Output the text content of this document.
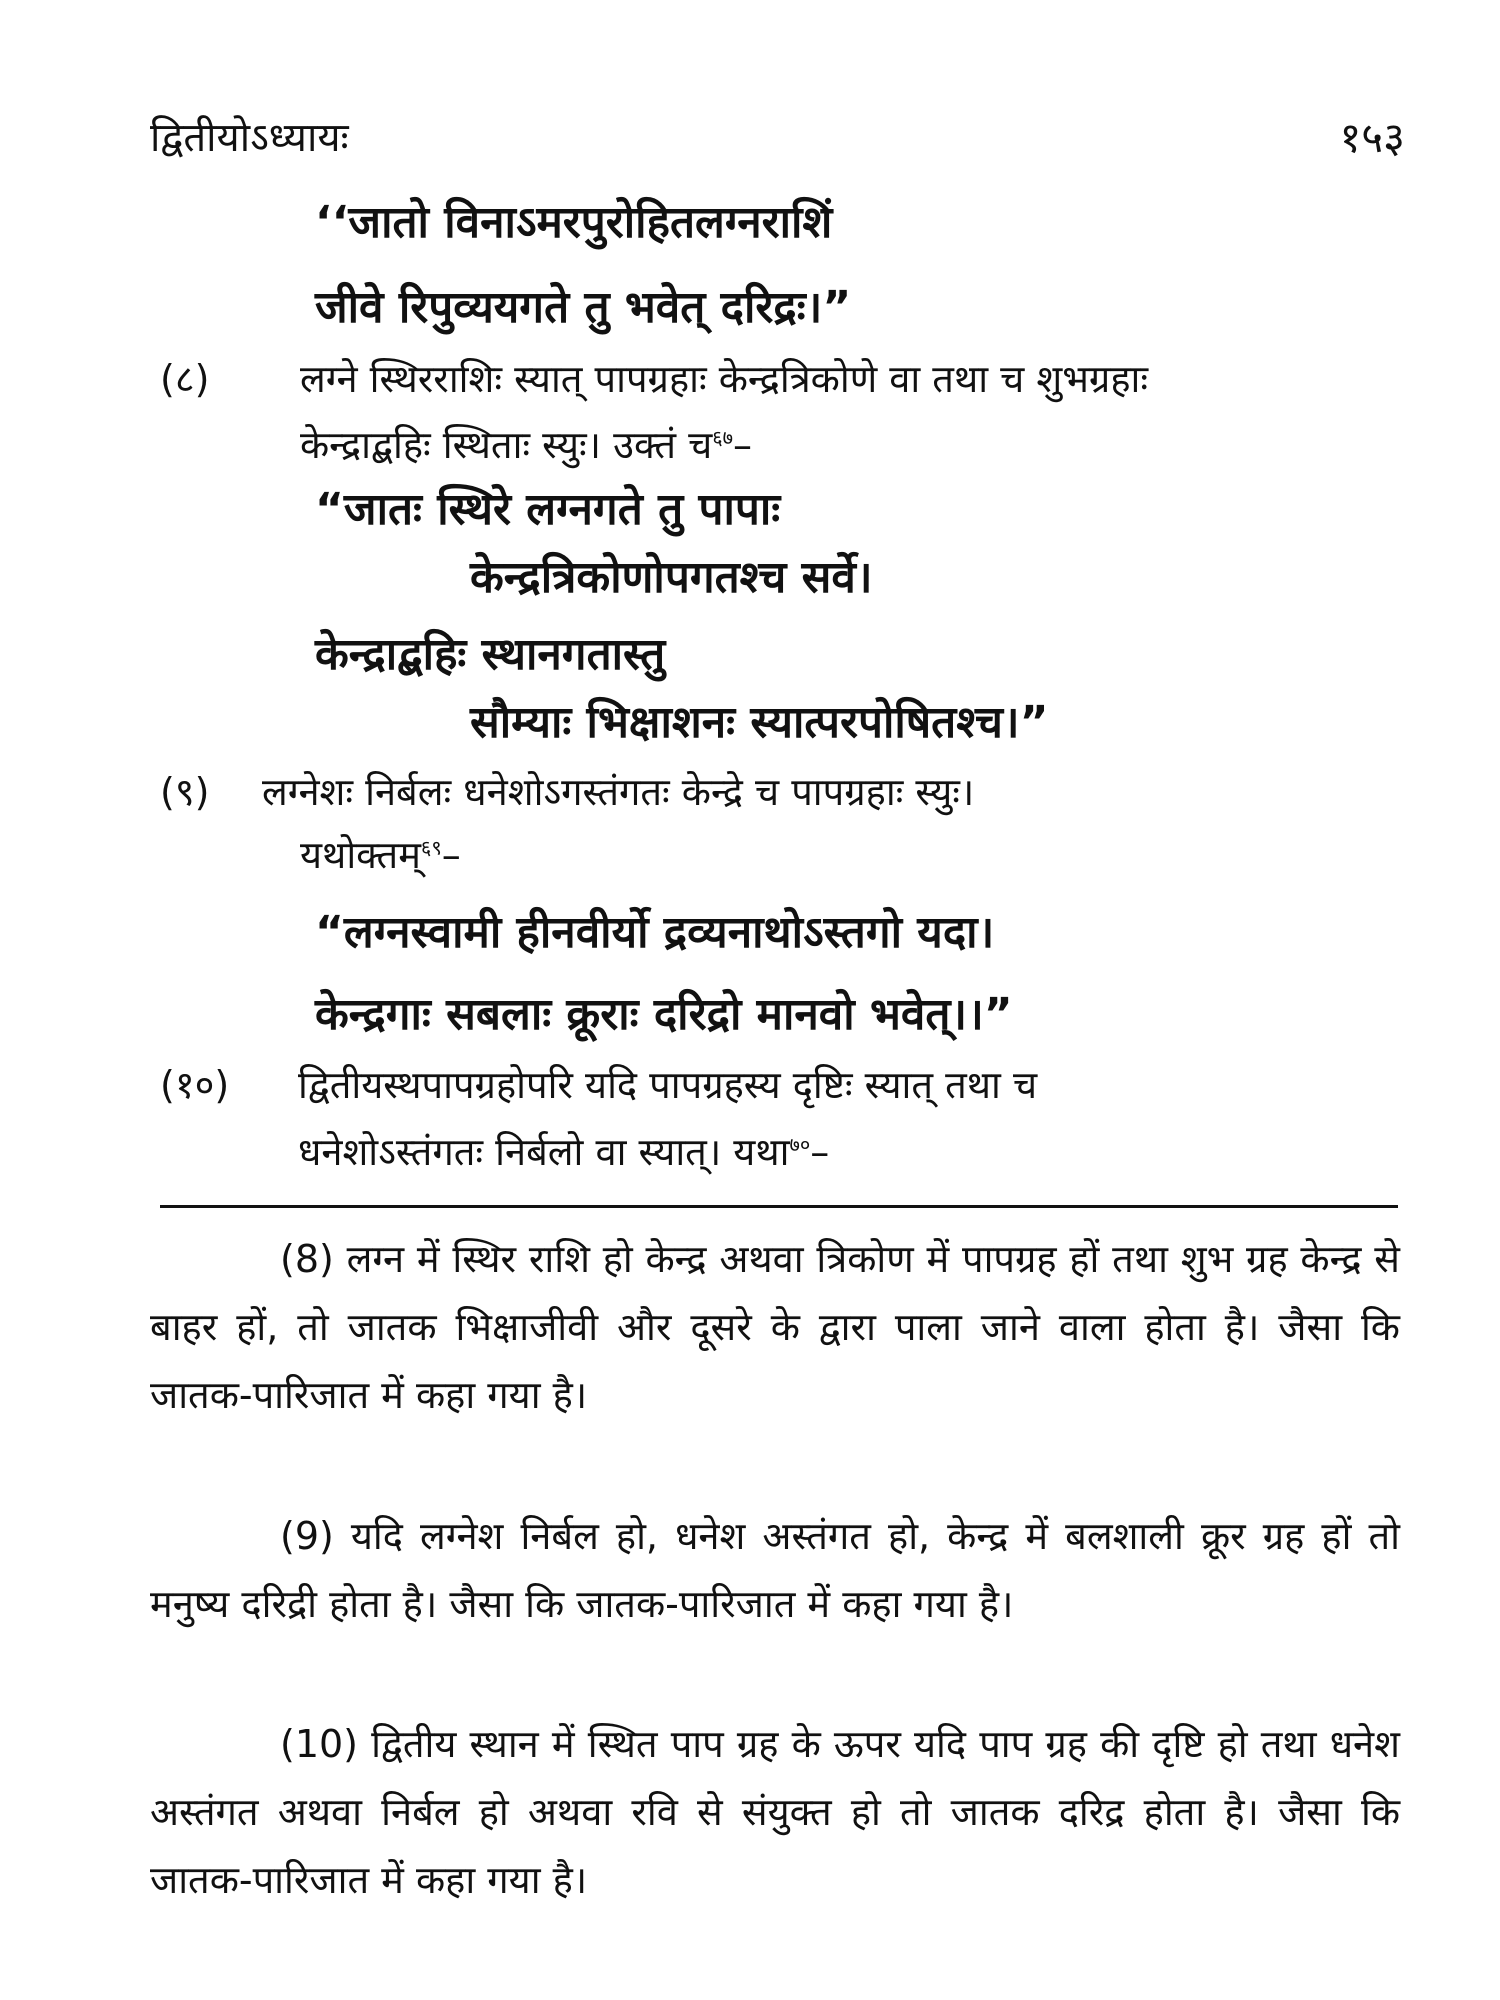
द्वितीयोऽध्यायः	१५३
‘‘जातो विनाऽमरपुरोहितलग्नराशिं
जीवे रिपुव्ययगते तु भवेत् दरिद्रः।”
(८) लग्ने स्थिरराशिः स्यात् पापग्रहाः केन्द्रत्रिकोणे वा तथा च शुभग्रहाः
केन्द्राद्बहिः स्थिताः स्युः। उक्तं च$^{६७}$–
“जातः स्थिरे लग्नगते तु पापाः
केन्द्रत्रिकोणोपगतश्च सर्वे।
केन्द्राद्बहिः स्थानगतास्तु
सौम्याः भिक्षाशनः स्यात्परपोषितश्च।”
(९) लग्नेशः निर्बलः धनेशोऽगस्तंगतः केन्द्रे च पापग्रहाः स्युः।
यथोक्तम्$^{६९}$–
“लग्नस्वामी हीनवीर्यो द्रव्यनाथोऽस्तगो यदा।
केन्द्रगाः सबलाः क्रूराः दरिद्रो मानवो भवेत्।।”
(१०) द्वितीयस्थपापग्रहोपरि यदि पापग्रहस्य दृष्टिः स्यात् तथा च
धनेशोऽस्तंगतः निर्बलो वा स्यात्। यथा$^{७०}$–

(8) लग्न में स्थिर राशि हो केन्द्र अथवा त्रिकोण में पापग्रह हों तथा शुभ ग्रह केन्द्र से बाहर हों, तो जातक भिक्षाजीवी और दूसरे के द्वारा पाला जाने वाला होता है। जैसा कि जातक-पारिजात में कहा गया है।

(9) यदि लग्नेश निर्बल हो, धनेश अस्तंगत हो, केन्द्र में बलशाली क्रूर ग्रह हों तो मनुष्य दरिद्री होता है। जैसा कि जातक-पारिजात में कहा गया है।

(10) द्वितीय स्थान में स्थित पाप ग्रह के ऊपर यदि पाप ग्रह की दृष्टि हो तथा धनेश अस्तंगत अथवा निर्बल हो अथवा रवि से संयुक्त हो तो जातक दरिद्र होता है। जैसा कि जातक-पारिजात में कहा गया है।
